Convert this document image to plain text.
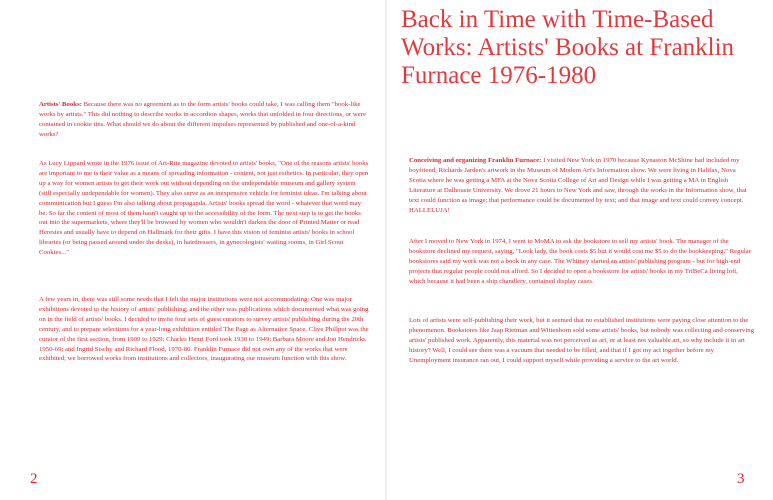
Artists' Books: Because there was no agreement as to the form artists' books could take, I was calling them "book-like works by artists." This did nothing to describe works in accordion shapes, works that unfolded in four directions, or were contained in cookie tins. What should we do about the different impulses represented by published and one-of-a-kind works?

As Lucy Lippard wrote in the 1976 issue of Art-Rite magazine devoted to artists' books, "One of the reasons artists' books are important to me is their value as a means of spreading information - content, not just esthetics. In particular, they open up a way for women artists to get their work out without depending on the undependable museum and gallery system (still especially undependable for women). They also serve as an inexpensive vehicle for feminist ideas. I'm talking about communication but I guess I'm also talking about propaganda. Artists' books spread the word - whatever that word may be. So far the content of most of them hasn't caught up to the accessibility of the form. The next step is to get the books out into the supermarkets, where they'll be browsed by women who wouldn't darken the door of Printed Matter or read Heresies and usually have to depend on Hallmark for their gifts. I have this vision of feminist artists' books in school libraries (or being passed around under the desks), in hairdressers, in gynecologists' waiting rooms, in Girl Scout Cookies..."

A few years in, there was still some needs that I felt the major institutions were not accommodating: One was major exhibitions devoted to the history of artists' publishing; and the other was publications which documented what was going on in the field of artists' books. I decided to invite four sets of guest curators to survey artists' publishing during the 20th century, and to prepare selections for a year-long exhibition entitled The Page as Alternative Space. Clive Phillpot was the curator of the first section, from 1909 to 1929; Charles Henri Ford took 1930 to 1949; Barbara Moore and Jon Hendricks 1950-69; and Ingrid Sischy and Richard Flood, 1970-80. Franklin Furnace did not own any of the works that were exhibited; we borrowed works from institutions and collectors, inaugurating our museum function with this show.

2
Back in Time with Time-Based Works: Artists' Books at Franklin Furnace 1976-1980

Conceiving and organizing Franklin Furnace: I visited New York in 1970 because Kynaston McShine had included my boyfriend, Richards Jarden's artwork in the Museum of Modern Art's Information show. We were living in Halifax, Nova Scotia where he was getting a MFA at the Nova Scotia College of Art and Design while I was getting a MA in English Literature at Dalhousie University. We drove 21 hours to New York and saw, through the works in the Information show, that text could function as image; that performance could be documented by text; and that image and text could convey concept. HALLELUJA!

After I moved to New York in 1974, I went to MoMA to ask the bookstore to sell my artists' book. The manager of the bookstore declined my request, saying, "Look lady, the book costs $5 but it would cost me $5 to do the bookkeeping." Regular bookstores said my work was not a book in any case. The Whitney started an artists' publishing program - but for high-end projects that regular people could not afford. So I decided to open a bookstore for artists' books in my TriBeCa living loft, which because it had been a ship chandlery, contained display cases.

Lots of artists were self-publishing their work, but it seemed that no established institutions were paying close attention to the phenomenon. Bookstores like Jaap Rietman and Wittenborn sold some artists' books, but nobody was collecting and conserving artists' published work. Apparently, this material was not perceived as art, or at least not valuable art, so why include it in art history? Well, I could see there was a vacuum that needed to be filled, and that if I got my act together before my Unemployment insurance ran out, I could support myself while providing a service to the art world.

3
